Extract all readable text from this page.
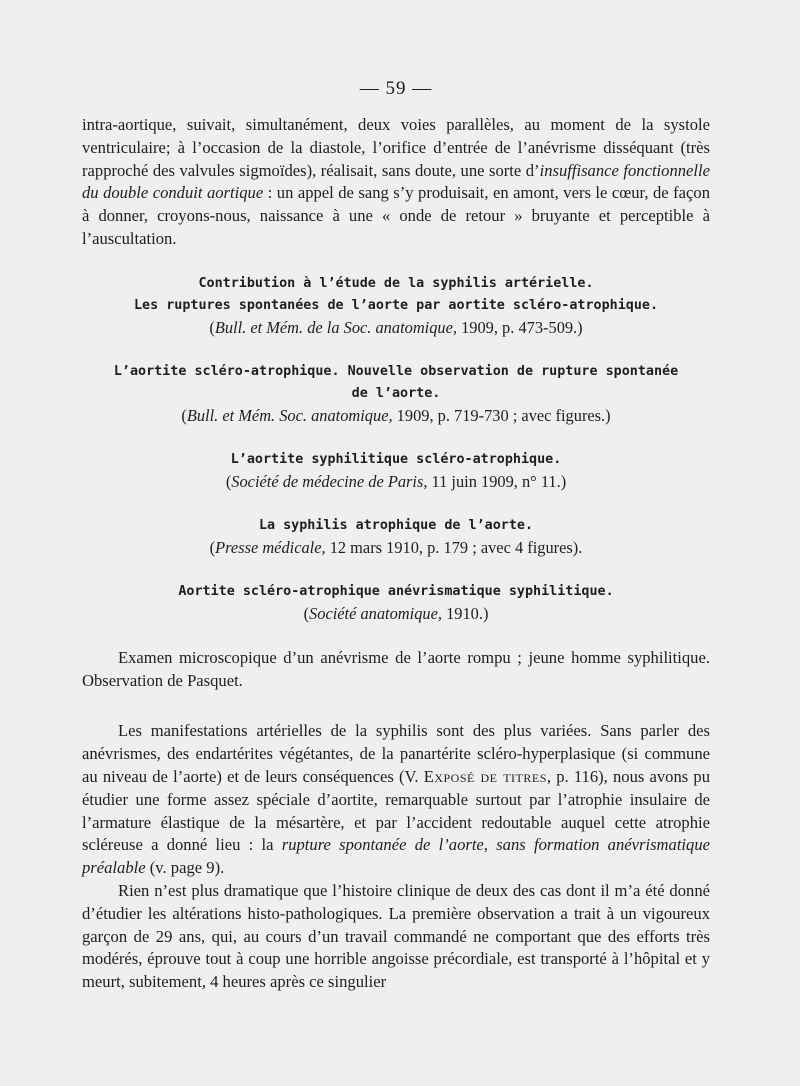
— 59 —

intra-aortique, suivait, simultanément, deux voies parallèles, au moment de la systole ventriculaire; à l’occasion de la diastole, l’orifice d’entrée de l’anévrisme disséquant (très rapproché des valvules sigmoïdes), réalisait, sans doute, une sorte d’insuffisance fonctionnelle du double conduit aortique : un appel de sang s’y produisait, en amont, vers le cœur, de façon à donner, croyons-nous, naissance à une « onde de retour » bruyante et perceptible à l’auscultation.

Contribution à l’étude de la syphilis artérielle.
Les ruptures spontanées de l’aorte par aortite scléro-atrophique.
(Bull. et Mém. de la Soc. anatomique, 1909, p. 473-509.)
L’aortite scléro-atrophique. Nouvelle observation de rupture spontanée
de l’aorte.
(Bull. et Mém. Soc. anatomique, 1909, p. 719-730 ; avec figures.)
L’aortite syphilitique scléro-atrophique.
(Société de médecine de Paris, 11 juin 1909, n° 11.)
La syphilis atrophique de l’aorte.
(Presse médicale, 12 mars 1910, p. 179 ; avec 4 figures).
Aortite scléro-atrophique anévrismatique syphilitique.
(Société anatomique, 1910.)

Examen microscopique d’un anévrisme de l’aorte rompu ; jeune homme syphilitique. Observation de Pasquet.

Les manifestations artérielles de la syphilis sont des plus variées. Sans parler des anévrismes, des endartérites végétantes, de la panartérite scléro-hyperplasique (si commune au niveau de l’aorte) et de leurs conséquences (V. Exposé de titres, p. 116), nous avons pu étudier une forme assez spéciale d’aortite, remarquable surtout par l’atrophie insulaire de l’armature élastique de la mésartère, et par l’accident redoutable auquel cette atrophie scléreuse a donné lieu : la rupture spontanée de l’aorte, sans formation anévrismatique préalable (v. page 9).

Rien n’est plus dramatique que l’histoire clinique de deux des cas dont il m’a été donné d’étudier les altérations histo-pathologiques. La première observation a trait à un vigoureux garçon de 29 ans, qui, au cours d’un travail commandé ne comportant que des efforts très modérés, éprouve tout à coup une horrible angoisse précordiale, est transporté à l’hôpital et y meurt, subitement, 4 heures après ce singulier
